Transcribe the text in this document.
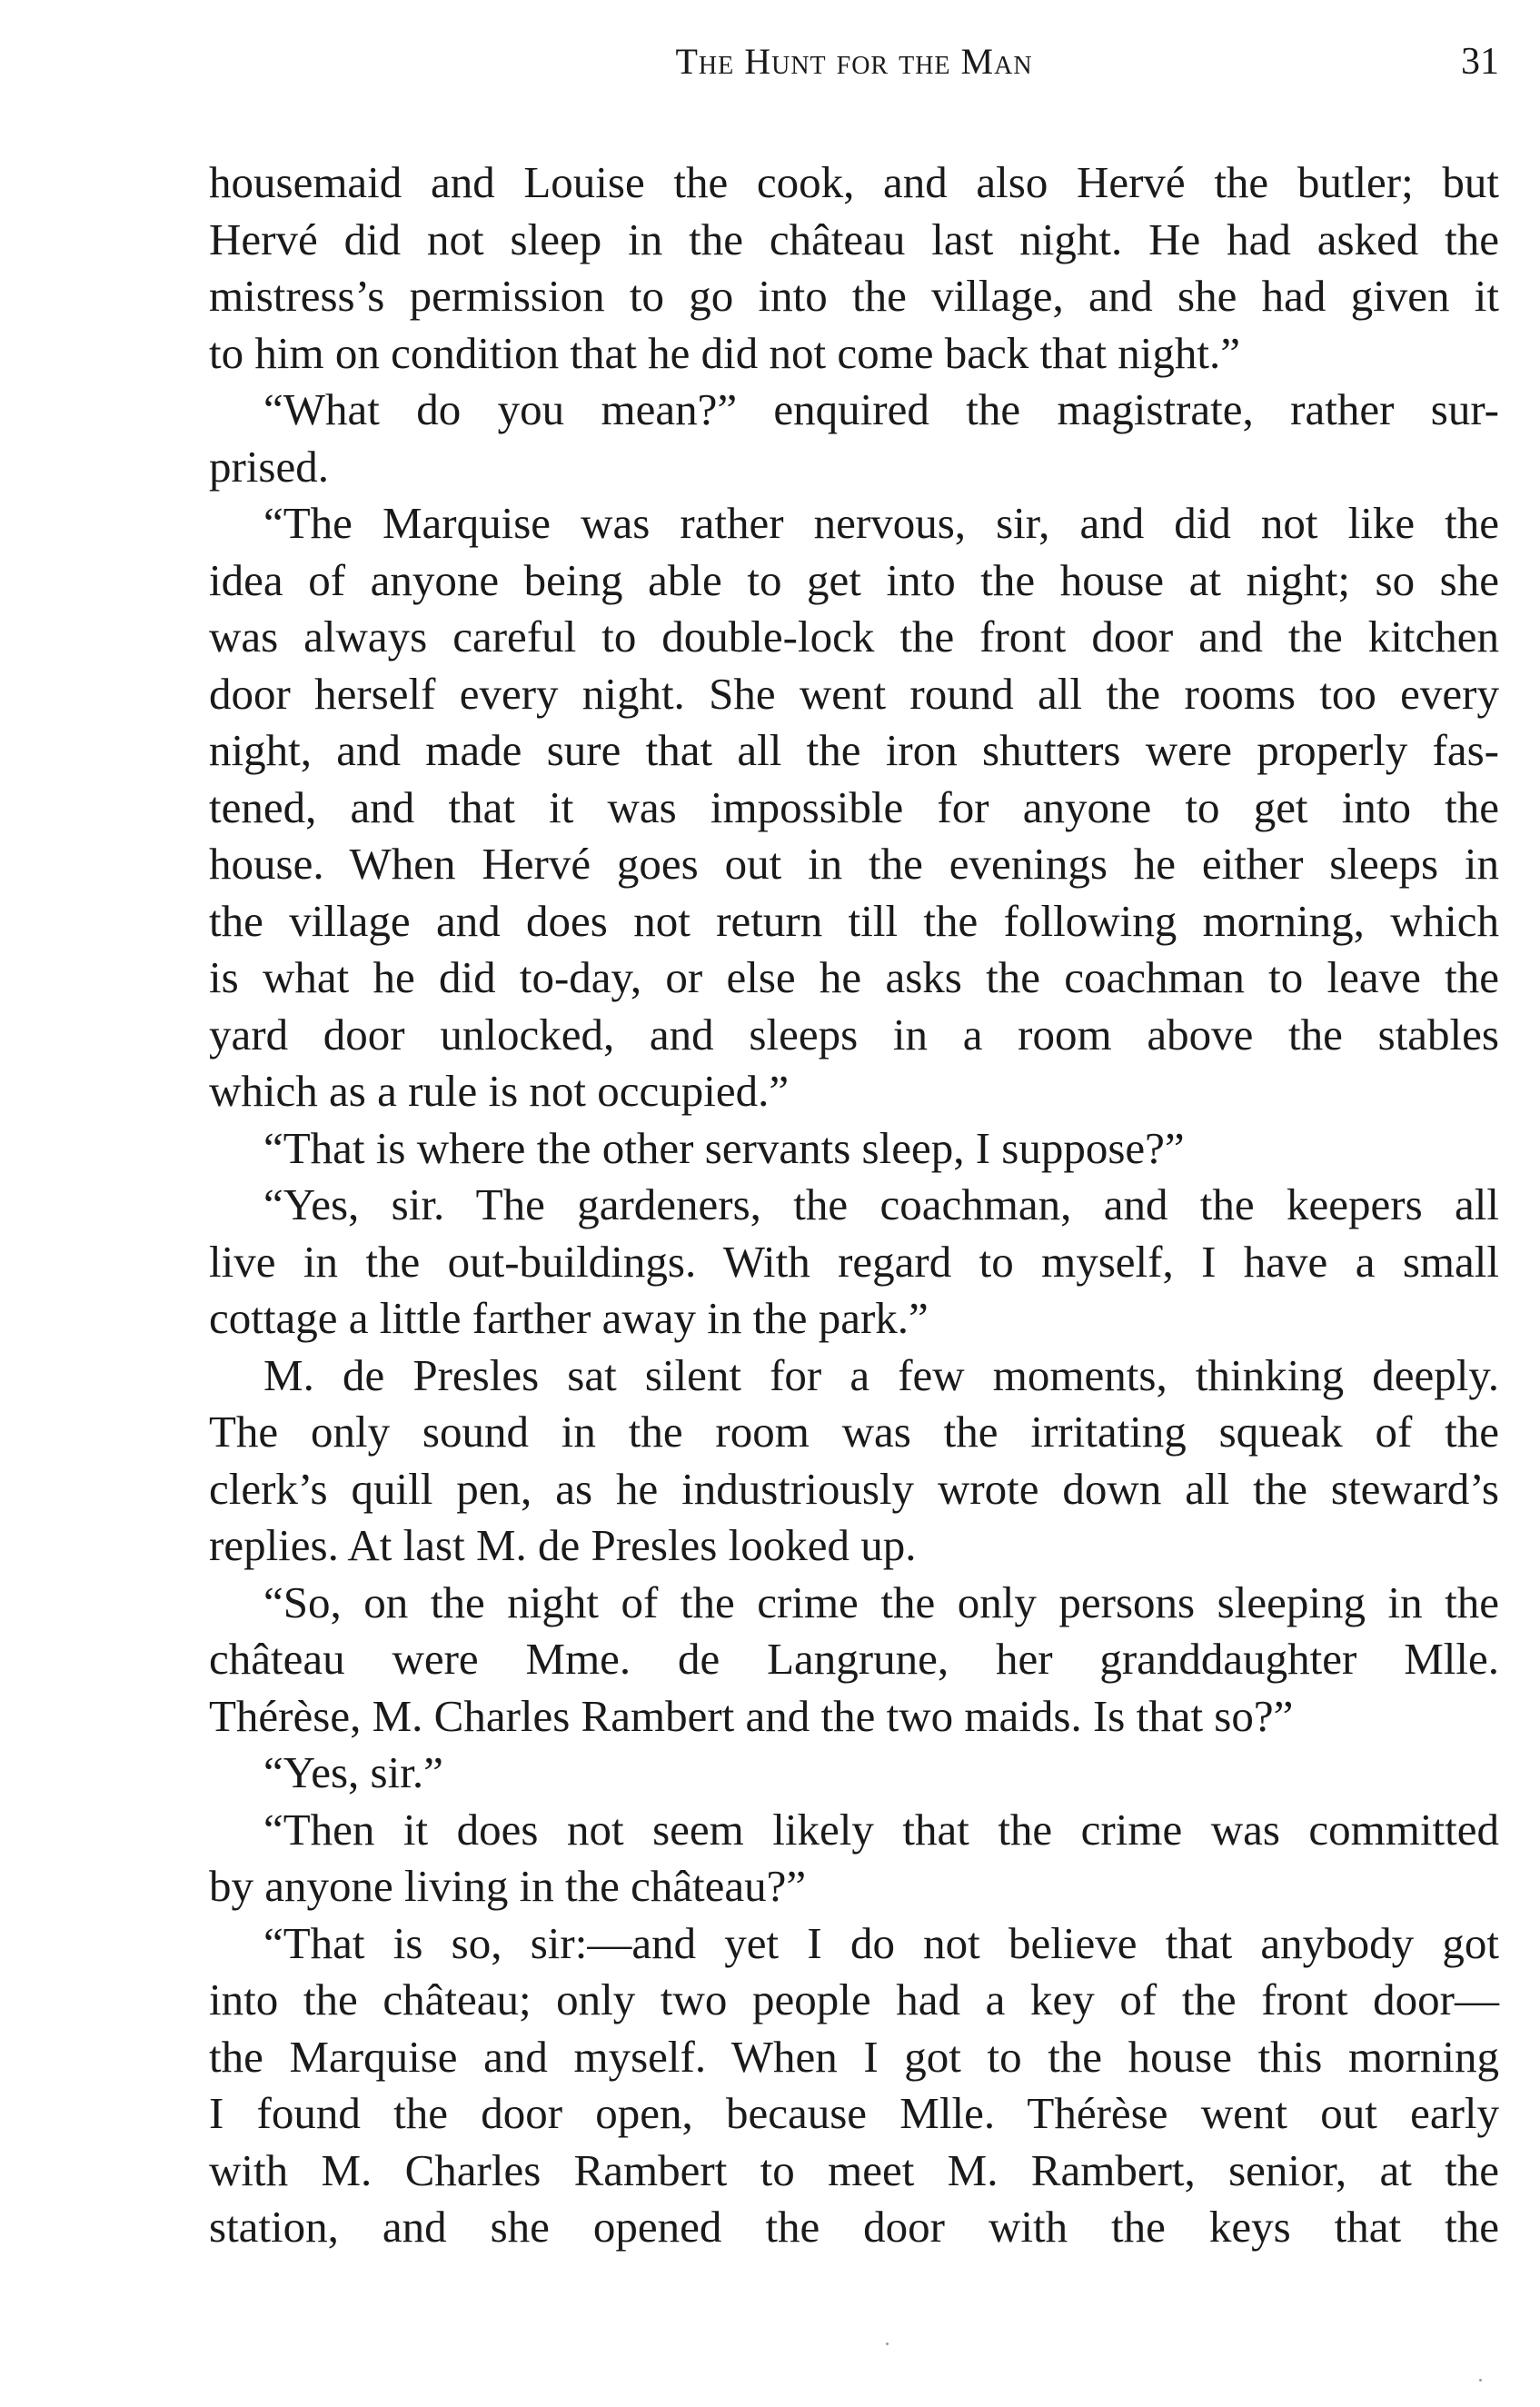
The Hunt for the Man	31

housemaid and Louise the cook, and also Hervé the butler; but

Hervé did not sleep in the château last night. He had asked the

mistress’s permission to go into the village, and she had given it

to him on condition that he did not come back that night.”

“What do you mean?” enquired the magistrate, rather sur-

prised.

“The Marquise was rather nervous, sir, and did not like the

idea of anyone being able to get into the house at night; so she

was always careful to double-lock the front door and the kitchen

door herself every night. She went round all the rooms too every

night, and made sure that all the iron shutters were properly fas-

tened, and that it was impossible for anyone to get into the

house. When Hervé goes out in the evenings he either sleeps in

the village and does not return till the following morning, which

is what he did to-day, or else he asks the coachman to leave the

yard door unlocked, and sleeps in a room above the stables

which as a rule is not occupied.”

“That is where the other servants sleep, I suppose?”

“Yes, sir. The gardeners, the coachman, and the keepers all

live in the out-buildings. With regard to myself, I have a small

cottage a little farther away in the park.”

M. de Presles sat silent for a few moments, thinking deeply.

The only sound in the room was the irritating squeak of the

clerk’s quill pen, as he industriously wrote down all the steward’s

replies. At last M. de Presles looked up.

“So, on the night of the crime the only persons sleeping in the

château were Mme. de Langrune, her granddaughter Mlle.

Thérèse, M. Charles Rambert and the two maids. Is that so?”

“Yes, sir.”

“Then it does not seem likely that the crime was committed

by anyone living in the château?”

“That is so, sir:—and yet I do not believe that anybody got

into the château; only two people had a key of the front door—

the Marquise and myself. When I got to the house this morning

I found the door open, because Mlle. Thérèse went out early

with M. Charles Rambert to meet M. Rambert, senior, at the

station, and she opened the door with the keys that the
